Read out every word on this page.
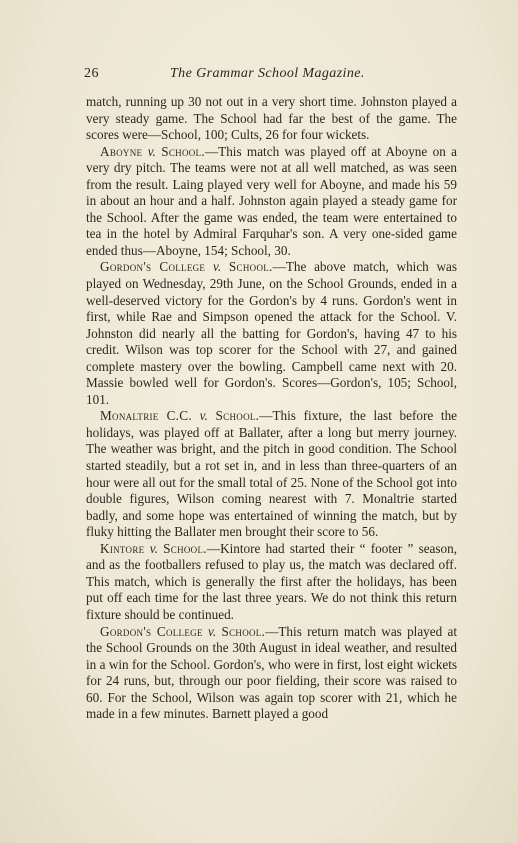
26	The Grammar School Magazine.

match, running up 30 not out in a very short time. Johnston played a very steady game. The School had far the best of the game. The scores were—School, 100; Cults, 26 for four wickets.

Aboyne v. School.—This match was played off at Aboyne on a very dry pitch. The teams were not at all well matched, as was seen from the result. Laing played very well for Aboyne, and made his 59 in about an hour and a half. Johnston again played a steady game for the School. After the game was ended, the team were entertained to tea in the hotel by Admiral Farquhar's son. A very one-sided game ended thus—Aboyne, 154; School, 30.

Gordon's College v. School.—The above match, which was played on Wednesday, 29th June, on the School Grounds, ended in a well-deserved victory for the Gordon's by 4 runs. Gordon's went in first, while Rae and Simpson opened the attack for the School. V. Johnston did nearly all the batting for Gordon's, having 47 to his credit. Wilson was top scorer for the School with 27, and gained complete mastery over the bowling. Campbell came next with 20. Massie bowled well for Gordon's. Scores—Gordon's, 105; School, 101.

Monaltrie C.C. v. School.—This fixture, the last before the holidays, was played off at Ballater, after a long but merry journey. The weather was bright, and the pitch in good condition. The School started steadily, but a rot set in, and in less than three-quarters of an hour were all out for the small total of 25. None of the School got into double figures, Wilson coming nearest with 7. Monaltrie started badly, and some hope was entertained of winning the match, but by fluky hitting the Ballater men brought their score to 56.

Kintore v. School.—Kintore had started their “ footer ” season, and as the footballers refused to play us, the match was declared off. This match, which is generally the first after the holidays, has been put off each time for the last three years. We do not think this return fixture should be continued.

Gordon's College v. School.—This return match was played at the School Grounds on the 30th August in ideal weather, and resulted in a win for the School. Gordon's, who were in first, lost eight wickets for 24 runs, but, through our poor fielding, their score was raised to 60. For the School, Wilson was again top scorer with 21, which he made in a few minutes. Barnett played a good
